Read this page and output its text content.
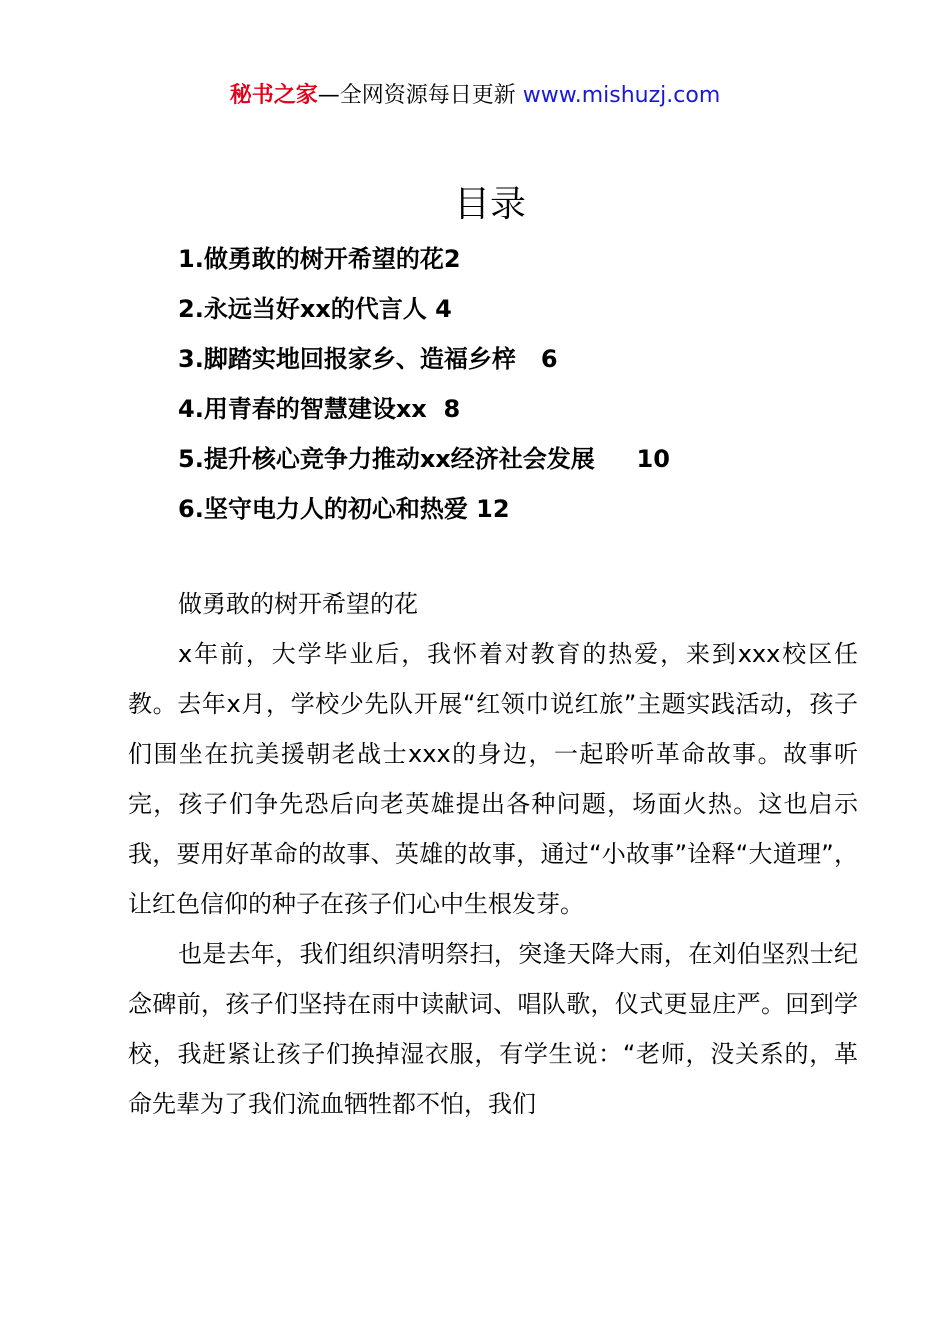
秘书之家—全网资源每日更新 www.mishuzj.com
目录
1.做勇敢的树开希望的花2
2.永远当好xx的代言人 4
3.脚踏实地回报家乡、造福乡梓   6
4.用青春的智慧建设xx  8
5.提升核心竞争力推动xx经济社会发展     10
6.坚守电力人的初心和热爱 12

做勇敢的树开希望的花

x年前，大学毕业后，我怀着对教育的热爱，来到xxx校区任教。去年x月，学校少先队开展“红领巾说红旅”主题实践活动，孩子们围坐在抗美援朝老战士xxx的身边，一起聆听革命故事。故事听完，孩子们争先恐后向老英雄提出各种问题，场面火热。这也启示我，要用好革命的故事、英雄的故事，通过“小故事”诠释“大道理”，让红色信仰的种子在孩子们心中生根发芽。

也是去年，我们组织清明祭扫，突逢天降大雨，在刘伯坚烈士纪念碑前，孩子们坚持在雨中读献词、唱队歌，仪式更显庄严。回到学校，我赶紧让孩子们换掉湿衣服，有学生说：“老师，没关系的，革命先辈为了我们流血牺牲都不怕，我们
